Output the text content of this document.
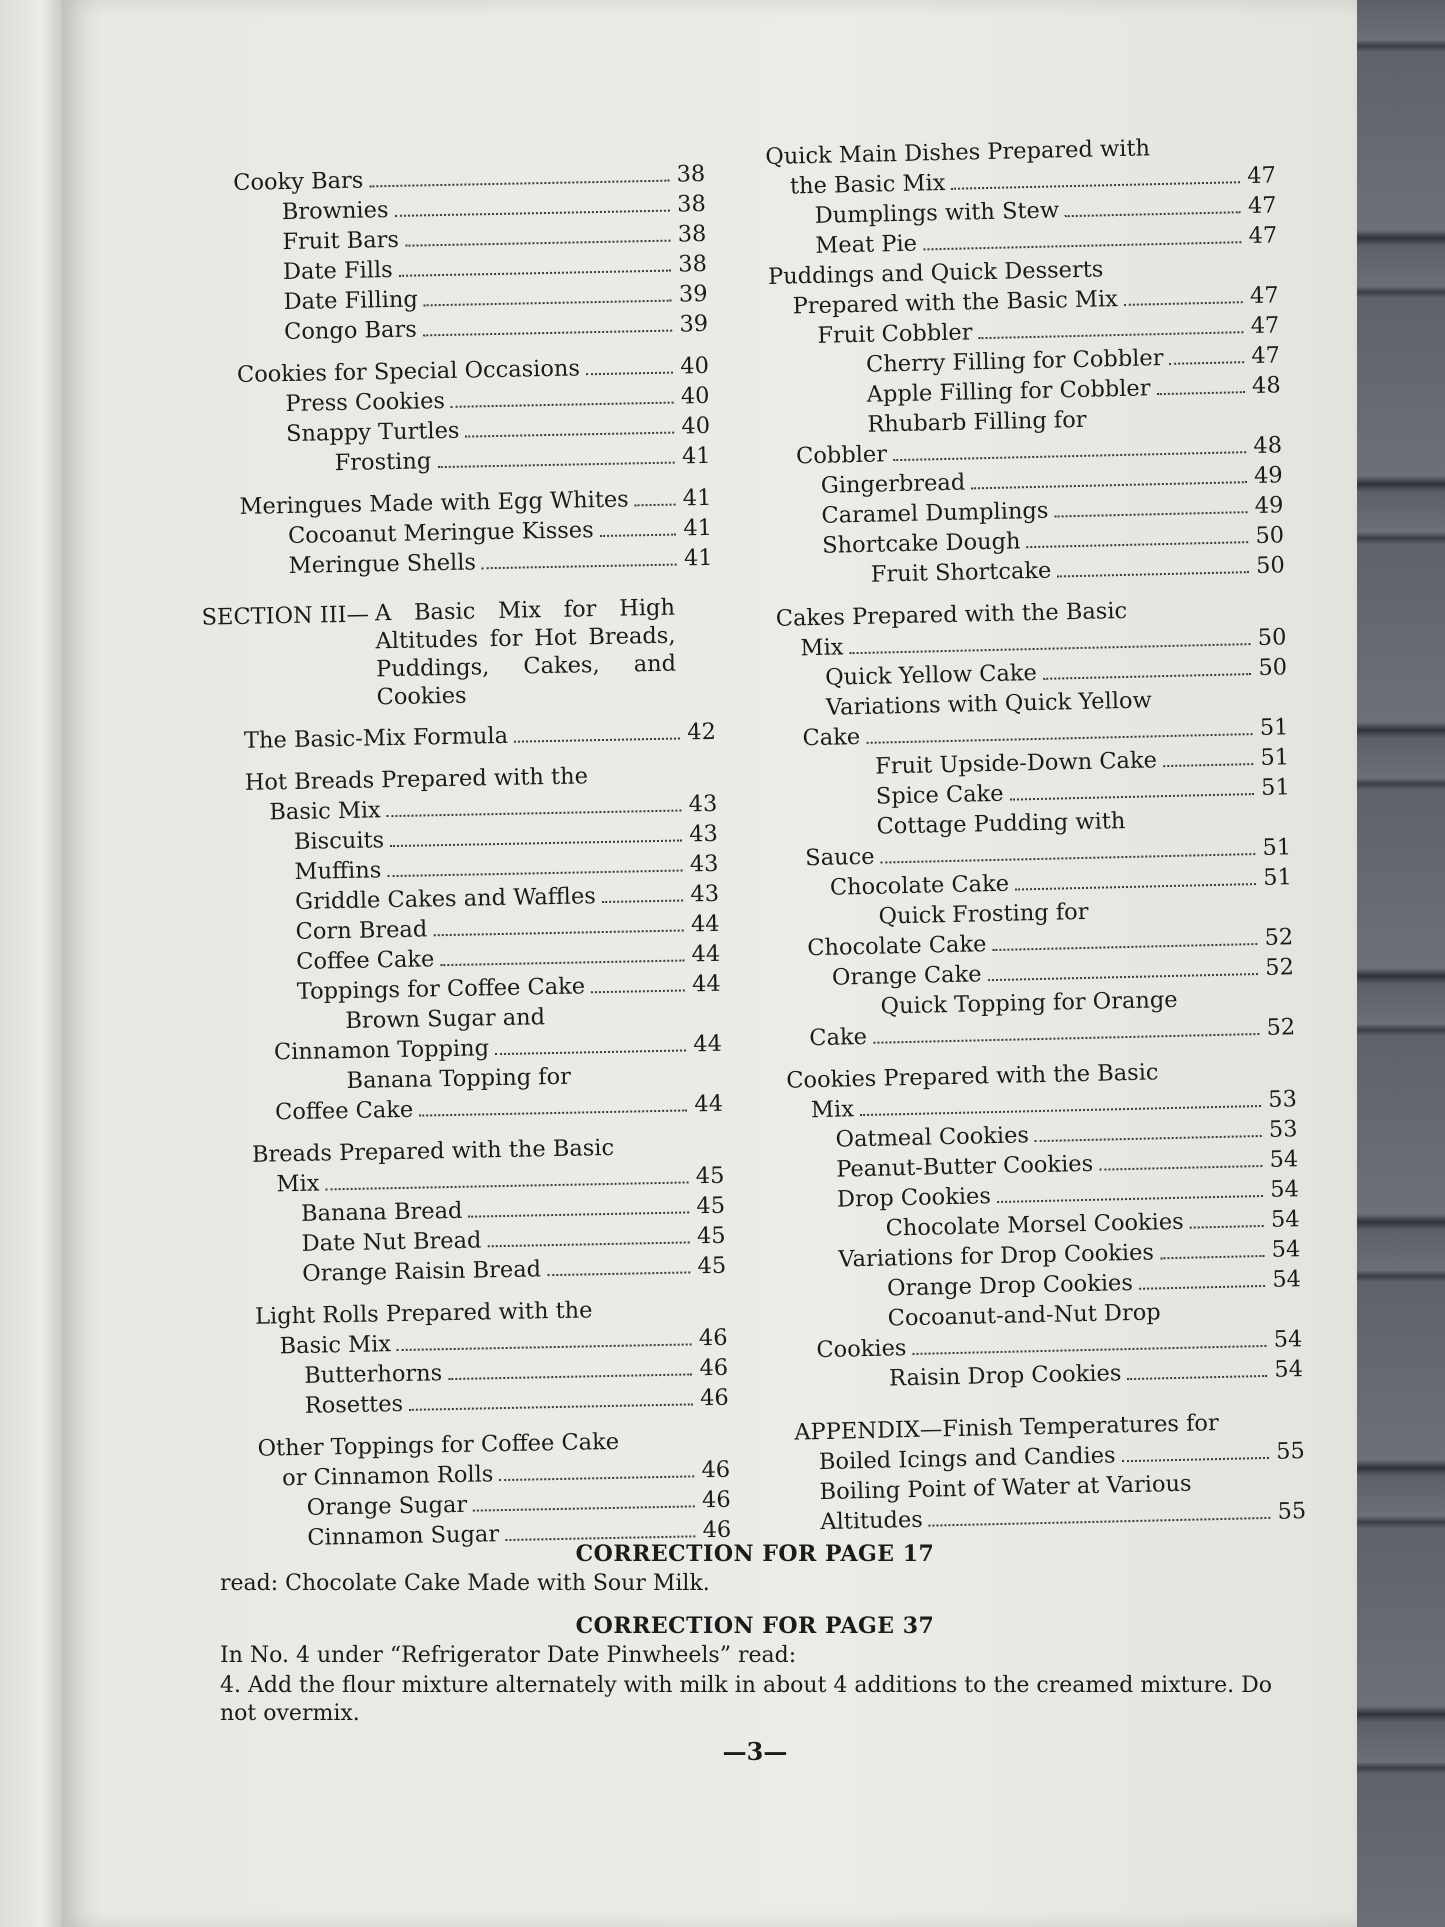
Cooky Bars	38
Brownies	38
Fruit Bars	38
Date Fills	38
Date Filling	39
Congo Bars	39
Cookies for Special Occasions	40
Press Cookies	40
Snappy Turtles	40
Frosting	41
Meringues Made with Egg Whites 41
Cocoanut Meringue Kisses	41
Meringue Shells	41
SECTION III— A Basic Mix for High Altitudes for Hot Breads, Puddings, Cakes, and Cookies
The Basic-Mix Formula	42
Hot Breads Prepared with the
Basic Mix	43
Biscuits	43
Muffins	43
Griddle Cakes and Waffles	43
Corn Bread	44
Coffee Cake	44
Toppings for Coffee Cake	44
Brown Sugar and
Cinnamon Topping	44
Banana Topping for
Coffee Cake	44
Breads Prepared with the Basic
Mix	45
Banana Bread	45
Date Nut Bread	45
Orange Raisin Bread	45
Light Rolls Prepared with the
Basic Mix	46
Butterhorns	46
Rosettes	46
Other Toppings for Coffee Cake
or Cinnamon Rolls	46
Orange Sugar	46
Cinnamon Sugar	46
Quick Main Dishes Prepared with
the Basic Mix	47
Dumplings with Stew	47
Meat Pie	47
Puddings and Quick Desserts
Prepared with the Basic Mix	47
Fruit Cobbler	47
Cherry Filling for Cobbler	47
Apple Filling for Cobbler	48
Rhubarb Filling for
Cobbler	48
Gingerbread	49
Caramel Dumplings	49
Shortcake Dough	50
Fruit Shortcake	50
Cakes Prepared with the Basic
Mix	50
Quick Yellow Cake	50
Variations with Quick Yellow
Cake	51
Fruit Upside-Down Cake	51
Spice Cake	51
Cottage Pudding with
Sauce	51
Chocolate Cake	51
Quick Frosting for
Chocolate Cake	52
Orange Cake	52
Quick Topping for Orange
Cake	52
Cookies Prepared with the Basic
Mix	53
Oatmeal Cookies	53
Peanut-Butter Cookies	54
Drop Cookies	54
Chocolate Morsel Cookies	54
Variations for Drop Cookies	54
Orange Drop Cookies	54
Cocoanut-and-Nut Drop
Cookies	54
Raisin Drop Cookies	54
APPENDIX—Finish Temperatures for
Boiled Icings and Candies	55
Boiling Point of Water at Various
Altitudes	55

CORRECTION FOR PAGE 17

read: Chocolate Cake Made with Sour Milk.

CORRECTION FOR PAGE 37

In No. 4 under “Refrigerator Date Pinwheels” read:

4. Add the flour mixture alternately with milk in about 4 additions to the creamed mixture. Do not overmix.

—3—
